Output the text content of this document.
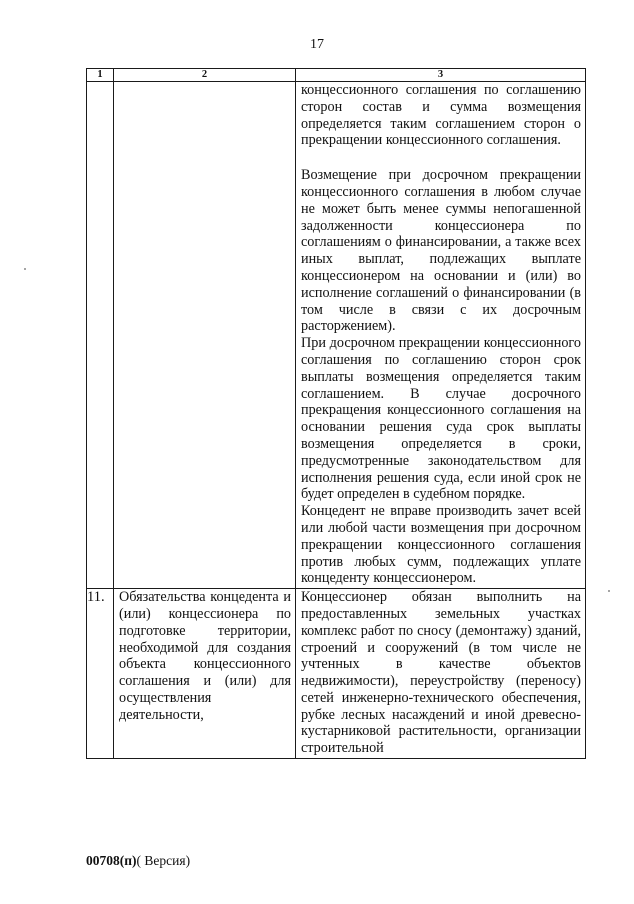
17
1	2	3

		концессионного соглашения по соглашению сторон состав и сумма возмещения определяется таким соглашением сторон о прекращении концессионного соглашения.

Возмещение при досрочном прекращении концессионного соглашения в любом случае не может быть менее суммы непогашенной задолженности концессионера по соглашениям о финансировании, а также всех иных выплат, подлежащих выплате концессионером на основании и (или) во исполнение соглашений о финансировании (в том числе в связи с их досрочным расторжением).

При досрочном прекращении концессионного соглашения по соглашению сторон срок выплаты возмещения определяется таким соглашением. В случае досрочного прекращения концессионного соглашения на основании решения суда срок выплаты возмещения определяется в сроки, предусмотренные законодательством для исполнения решения суда, если иной срок не будет определен в судебном порядке.

Концедент не вправе производить зачет всей или любой части возмещения при досрочном прекращении концессионного соглашения против любых сумм, подлежащих уплате концеденту концессионером.

11.	Обязательства концедента и (или) концессионера по подготовке территории, необходимой для создания объекта концессионного соглашения и (или) для осуществления деятельности,	Концессионер обязан выполнить на предоставленных земельных участках комплекс работ по сносу (демонтажу) зданий, строений и сооружений (в том числе не учтенных в качестве объектов недвижимости), переустройству (переносу) сетей инженерно-технического обеспечения, рубке лесных насаждений и иной древесно-кустарниковой растительности, организации строительной
00708(п)( Версия)
